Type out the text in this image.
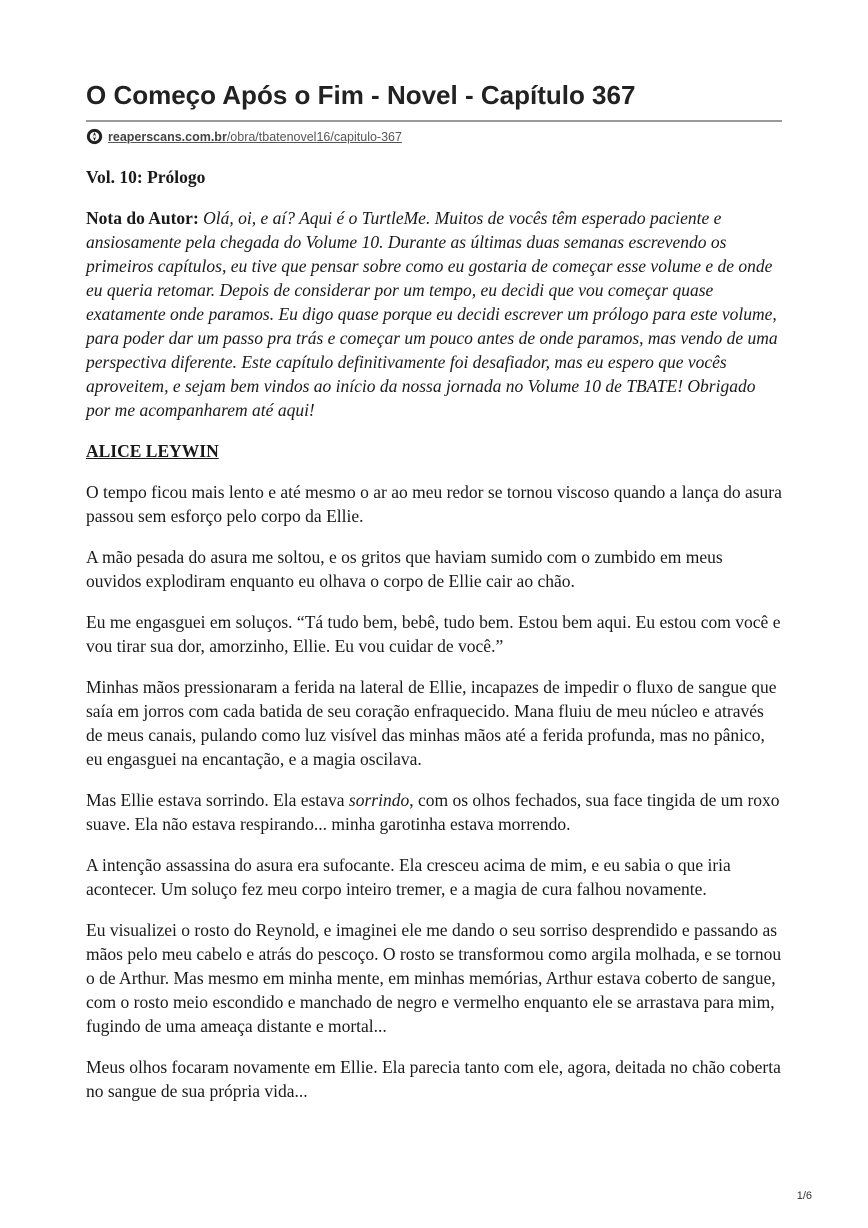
O Começo Após o Fim - Novel - Capítulo 367
reaperscans.com.br/obra/tbatenovel16/capitulo-367

Vol. 10: Prólogo

Nota do Autor: Olá, oi, e aí? Aqui é o TurtleMe. Muitos de vocês têm esperado paciente e ansiosamente pela chegada do Volume 10. Durante as últimas duas semanas escrevendo os primeiros capítulos, eu tive que pensar sobre como eu gostaria de começar esse volume e de onde eu queria retomar. Depois de considerar por um tempo, eu decidi que vou começar quase exatamente onde paramos. Eu digo quase porque eu decidi escrever um prólogo para este volume, para poder dar um passo pra trás e começar um pouco antes de onde paramos, mas vendo de uma perspectiva diferente. Este capítulo definitivamente foi desafiador, mas eu espero que vocês aproveitem, e sejam bem vindos ao início da nossa jornada no Volume 10 de TBATE! Obrigado por me acompanharem até aqui!

ALICE LEYWIN

O tempo ficou mais lento e até mesmo o ar ao meu redor se tornou viscoso quando a lança do asura passou sem esforço pelo corpo da Ellie.

A mão pesada do asura me soltou, e os gritos que haviam sumido com o zumbido em meus ouvidos explodiram enquanto eu olhava o corpo de Ellie cair ao chão.

Eu me engasguei em soluços. “Tá tudo bem, bebê, tudo bem. Estou bem aqui. Eu estou com você e vou tirar sua dor, amorzinho, Ellie. Eu vou cuidar de você.”

Minhas mãos pressionaram a ferida na lateral de Ellie, incapazes de impedir o fluxo de sangue que saía em jorros com cada batida de seu coração enfraquecido. Mana fluiu de meu núcleo e através de meus canais, pulando como luz visível das minhas mãos até a ferida profunda, mas no pânico, eu engasguei na encantação, e a magia oscilava.

Mas Ellie estava sorrindo. Ela estava sorrindo, com os olhos fechados, sua face tingida de um roxo suave. Ela não estava respirando... minha garotinha estava morrendo.

A intenção assassina do asura era sufocante. Ela cresceu acima de mim, e eu sabia o que iria acontecer. Um soluço fez meu corpo inteiro tremer, e a magia de cura falhou novamente.

Eu visualizei o rosto do Reynold, e imaginei ele me dando o seu sorriso desprendido e passando as mãos pelo meu cabelo e atrás do pescoço. O rosto se transformou como argila molhada, e se tornou o de Arthur. Mas mesmo em minha mente, em minhas memórias, Arthur estava coberto de sangue, com o rosto meio escondido e manchado de negro e vermelho enquanto ele se arrastava para mim, fugindo de uma ameaça distante e mortal...

Meus olhos focaram novamente em Ellie. Ela parecia tanto com ele, agora, deitada no chão coberta no sangue de sua própria vida...

1/6
